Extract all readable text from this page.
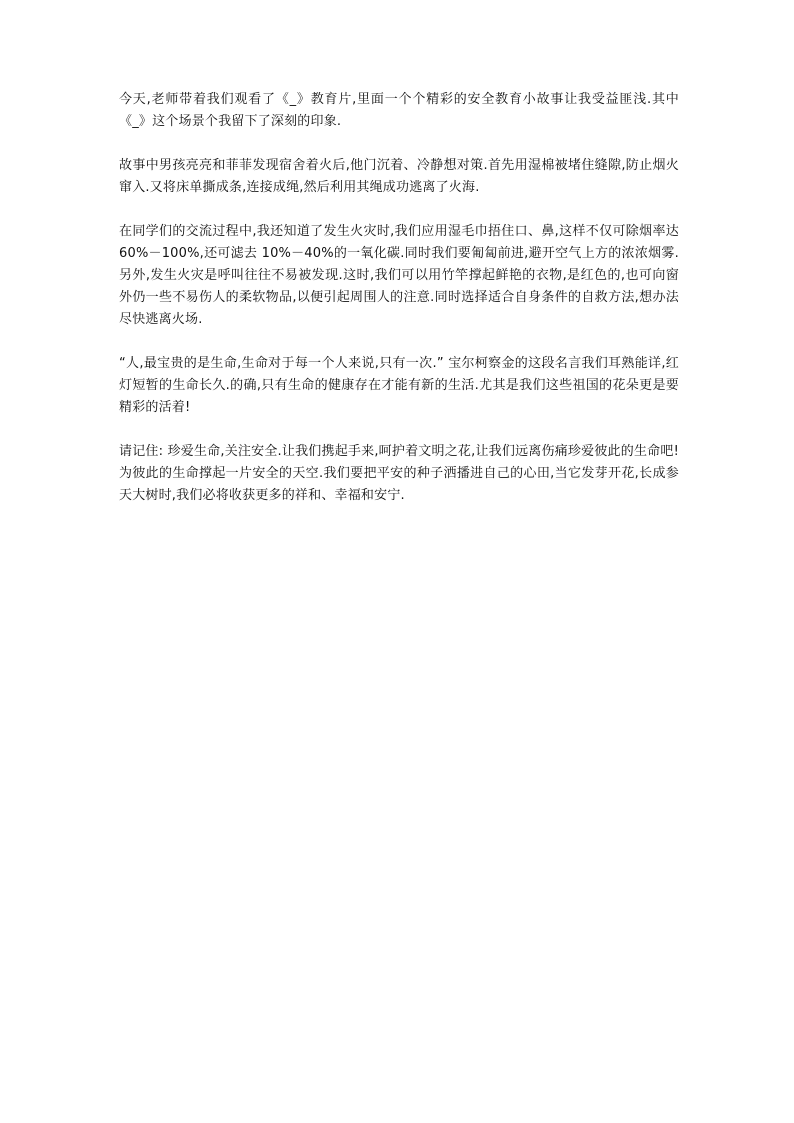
今天,老师带着我们观看了《_》教育片,里面一个个精彩的安全教育小故事让我受益匪浅.其中《_》这个场景个我留下了深刻的印象.

故事中男孩亮亮和菲菲发现宿舍着火后,他门沉着、冷静想对策.首先用湿棉被堵住缝隙,防止烟火窜入.又将床单撕成条,连接成绳,然后利用其绳成功逃离了火海.

在同学们的交流过程中,我还知道了发生火灾时,我们应用湿毛巾捂住口、鼻,这样不仅可除烟率达 60%－100%,还可滤去 10%－40%的一氧化碳.同时我们要匍匐前进,避开空气上方的浓浓烟雾.另外,发生火灾是呼叫往往不易被发现.这时,我们可以用竹竿撑起鲜艳的衣物,是红色的,也可向窗外仍一些不易伤人的柔软物品,以便引起周围人的注意.同时选择适合自身条件的自救方法,想办法尽快逃离火场.

“人,最宝贵的是生命,生命对于每一个人来说,只有一次.” 宝尔柯察金的这段名言我们耳熟能详,红灯短暂的生命长久.的确,只有生命的健康存在才能有新的生活.尤其是我们这些祖国的花朵更是要精彩的活着!

请记住: 珍爱生命,关注安全.让我们携起手来,呵护着文明之花,让我们远离伤痛珍爱彼此的生命吧!为彼此的生命撑起一片安全的天空.我们要把平安的种子洒播进自己的心田,当它发芽开花,长成参天大树时,我们必将收获更多的祥和、幸福和安宁.
